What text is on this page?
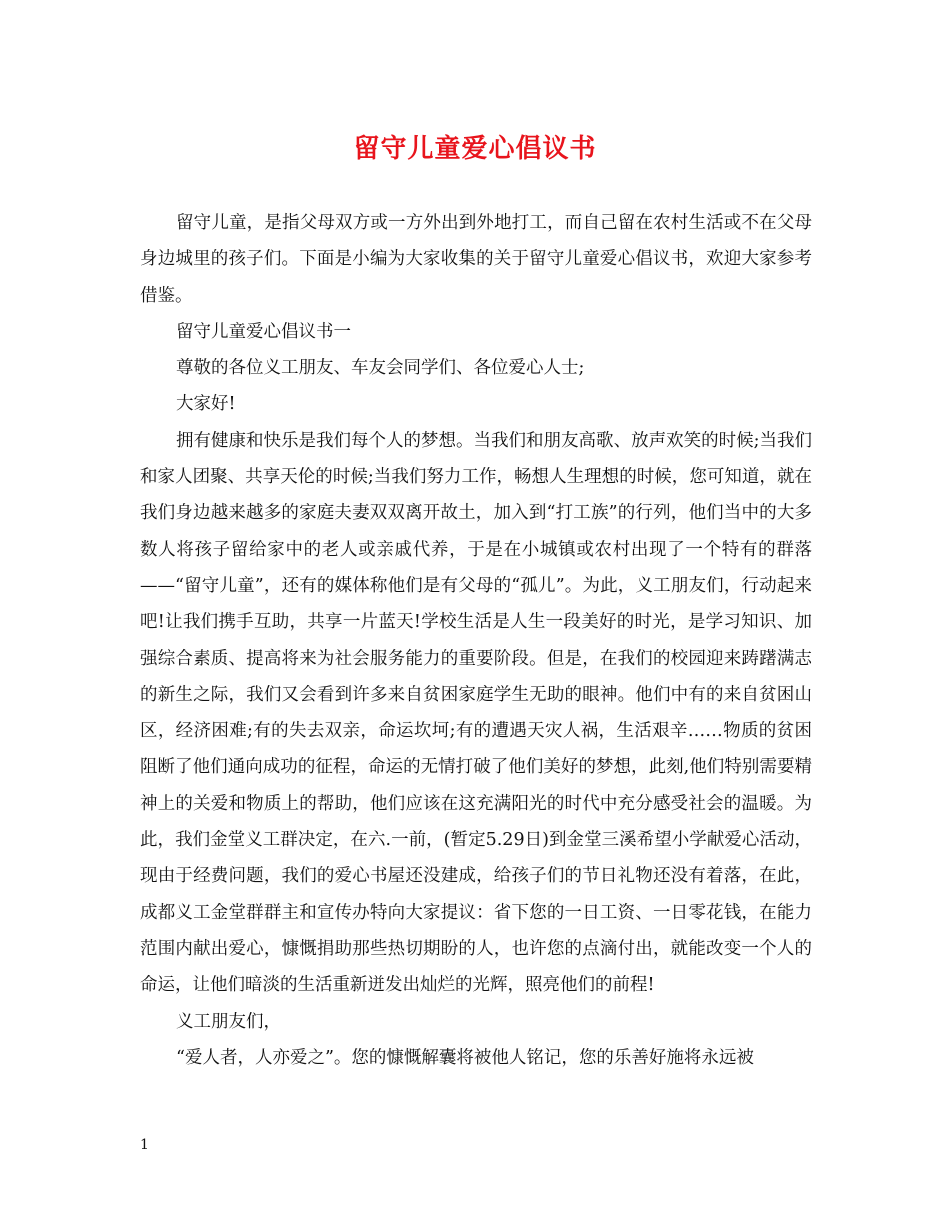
留守儿童爱心倡议书

留守儿童，是指父母双方或一方外出到外地打工，而自己留在农村生活或不在父母身边城里的孩子们。下面是小编为大家收集的关于留守儿童爱心倡议书，欢迎大家参考借鉴。

留守儿童爱心倡议书一

尊敬的各位义工朋友、车友会同学们、各位爱心人士;

大家好!

拥有健康和快乐是我们每个人的梦想。当我们和朋友高歌、放声欢笑的时候;当我们和家人团聚、共享天伦的时候;当我们努力工作，畅想人生理想的时候，您可知道，就在我们身边越来越多的家庭夫妻双双离开故土，加入到“打工族”的行列，他们当中的大多数人将孩子留给家中的老人或亲戚代养，于是在小城镇或农村出现了一个特有的群落——“留守儿童”，还有的媒体称他们是有父母的“孤儿”。为此，义工朋友们，行动起来吧!让我们携手互助，共享一片蓝天!学校生活是人生一段美好的时光，是学习知识、加强综合素质、提高将来为社会服务能力的重要阶段。但是，在我们的校园迎来踌躇满志的新生之际，我们又会看到许多来自贫困家庭学生无助的眼神。他们中有的来自贫困山区，经济困难;有的失去双亲，命运坎坷;有的遭遇天灾人祸，生活艰辛……物质的贫困阻断了他们通向成功的征程，命运的无情打破了他们美好的梦想，此刻,他们特别需要精神上的关爱和物质上的帮助，他们应该在这充满阳光的时代中充分感受社会的温暖。为此，我们金堂义工群决定，在六.一前，(暂定5.29日)到金堂三溪希望小学献爱心活动，现由于经费问题，我们的爱心书屋还没建成，给孩子们的节日礼物还没有着落，在此，成都义工金堂群群主和宣传办特向大家提议：省下您的一日工资、一日零花钱，在能力范围内献出爱心，慷慨捐助那些热切期盼的人，也许您的点滴付出，就能改变一个人的命运，让他们暗淡的生活重新迸发出灿烂的光辉，照亮他们的前程!

义工朋友们，

“爱人者，人亦爱之”。您的慷慨解囊将被他人铭记，您的乐善好施将永远被

1
